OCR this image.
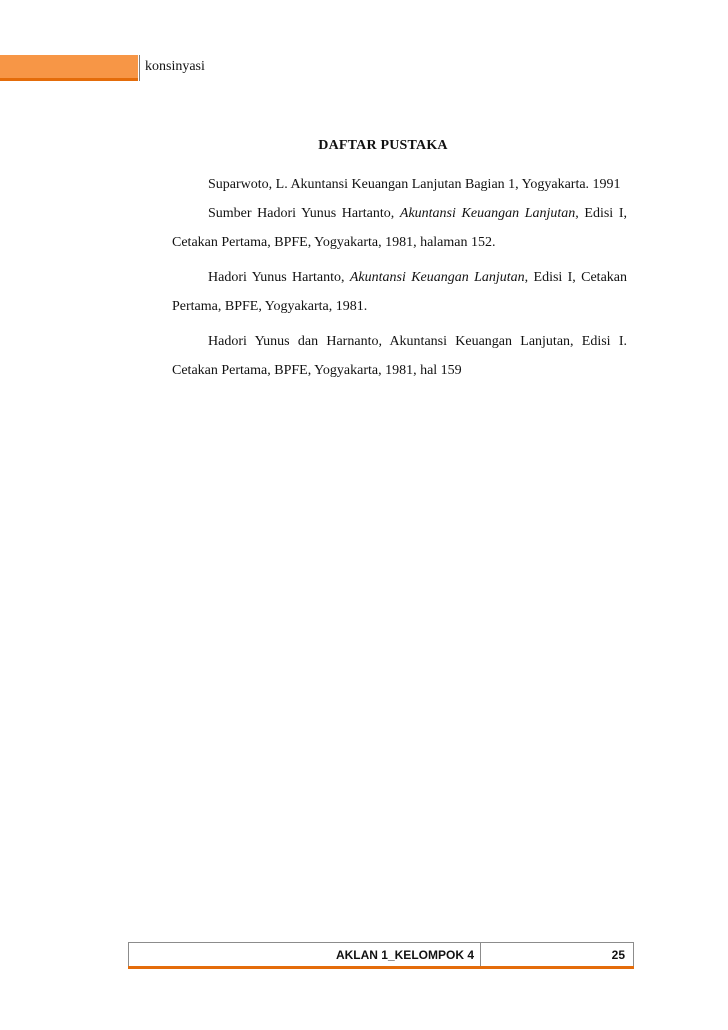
konsinyasi
DAFTAR PUSTAKA

Suparwoto, L. Akuntansi Keuangan Lanjutan Bagian 1, Yogyakarta. 1991

Sumber Hadori Yunus Hartanto, Akuntansi Keuangan Lanjutan, Edisi I, Cetakan Pertama, BPFE, Yogyakarta, 1981, halaman 152.

Hadori Yunus Hartanto, Akuntansi Keuangan Lanjutan, Edisi I, Cetakan Pertama, BPFE, Yogyakarta, 1981.

Hadori Yunus dan Harnanto, Akuntansi Keuangan Lanjutan, Edisi I. Cetakan Pertama, BPFE, Yogyakarta, 1981, hal 159

AKLAN 1_KELOMPOK 4	25
